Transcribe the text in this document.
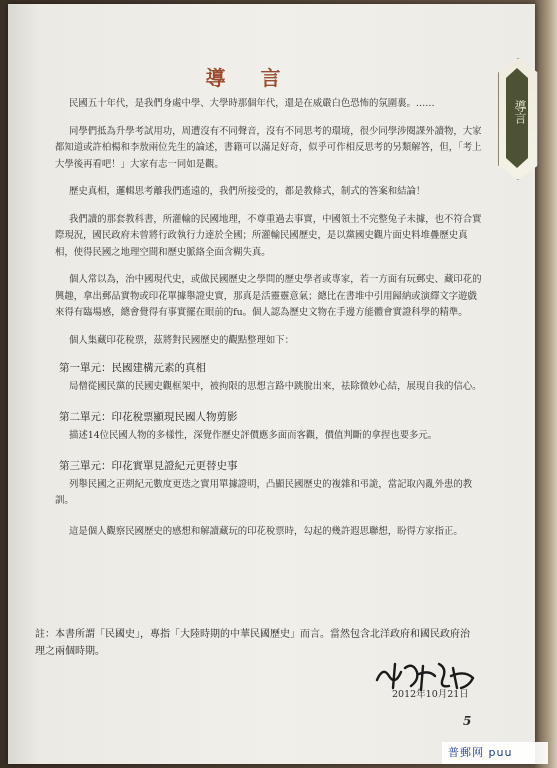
導言
導 言

民國五十年代，是我們身處中學、大學時那個年代，還是在威嚴白色恐怖的氛圍裏。……

同學們抵為升學考試用功，周遭沒有不同聲音，沒有不同思考的環境，很少同學涉閱課外讀物，大家都知道或許柏楊和李敖兩位先生的論述，書籍可以滿足好奇，似乎可作相反思考的另類解答，但，「考上大學後再看吧！」大家有志一同如是觀。

歷史真相，邏輯思考離我們遙遠的，我們所接受的，都是教條式，制式的答案和結論！

我們讀的那套教科書，所灌輸的民國地理，不尊重過去事實，中國領土不完整兔子未據，也不符合實際現況，國民政府未曾將行政執行力達於全國；所灌輸民國歷史，是以黨國史觀片面史料堆疊歷史真相，使得民國之地理空間和歷史脈絡全面含糊失真。

個人常以為，治中國現代史，或做民國歷史之學問的歷史學者或專家，若一方面有玩郵史、藏印花的興趣，拿出郵品實物或印花單據舉證史實，那真是活靈靈意氣；總比在書堆中引用歸納或演繹文字遊戲來得有臨場感，總會覺得有事實擺在眼前的fu。個人認為歷史文物在手邊方能體會實證科學的精準。

個人集藏印花稅票，茲將對民國歷史的觀點整理如下：

第一單元：民國建構元素的真相

局僧從國民黨的民國史觀框架中，被拘限的思想言路中跳脫出來，祛除微妙心結，展現自我的信心。

第二單元：印花稅票顯現民國人物剪影

描述14位民國人物的多樣性，深覺作歷史評價應多面而客觀，價值判斷的拿捏也要多元。

第三單元：印花實單見證紀元更替史事

列舉民國之正朔紀元數度更迭之實用單據證明，凸顯民國歷史的複雜和弔詭，當記取內亂外患的教訓。

這是個人觀察民國歷史的感想和解讀藏玩的印花稅票時，勾起的幾許遐思聯想，盼得方家指正。

註：本書所謂「民國史」，專指「大陸時期的中華民國歷史」而言。當然包含北洋政府和國民政府治理之兩個時期。
2012年10月21日
5
普郵网 puu
